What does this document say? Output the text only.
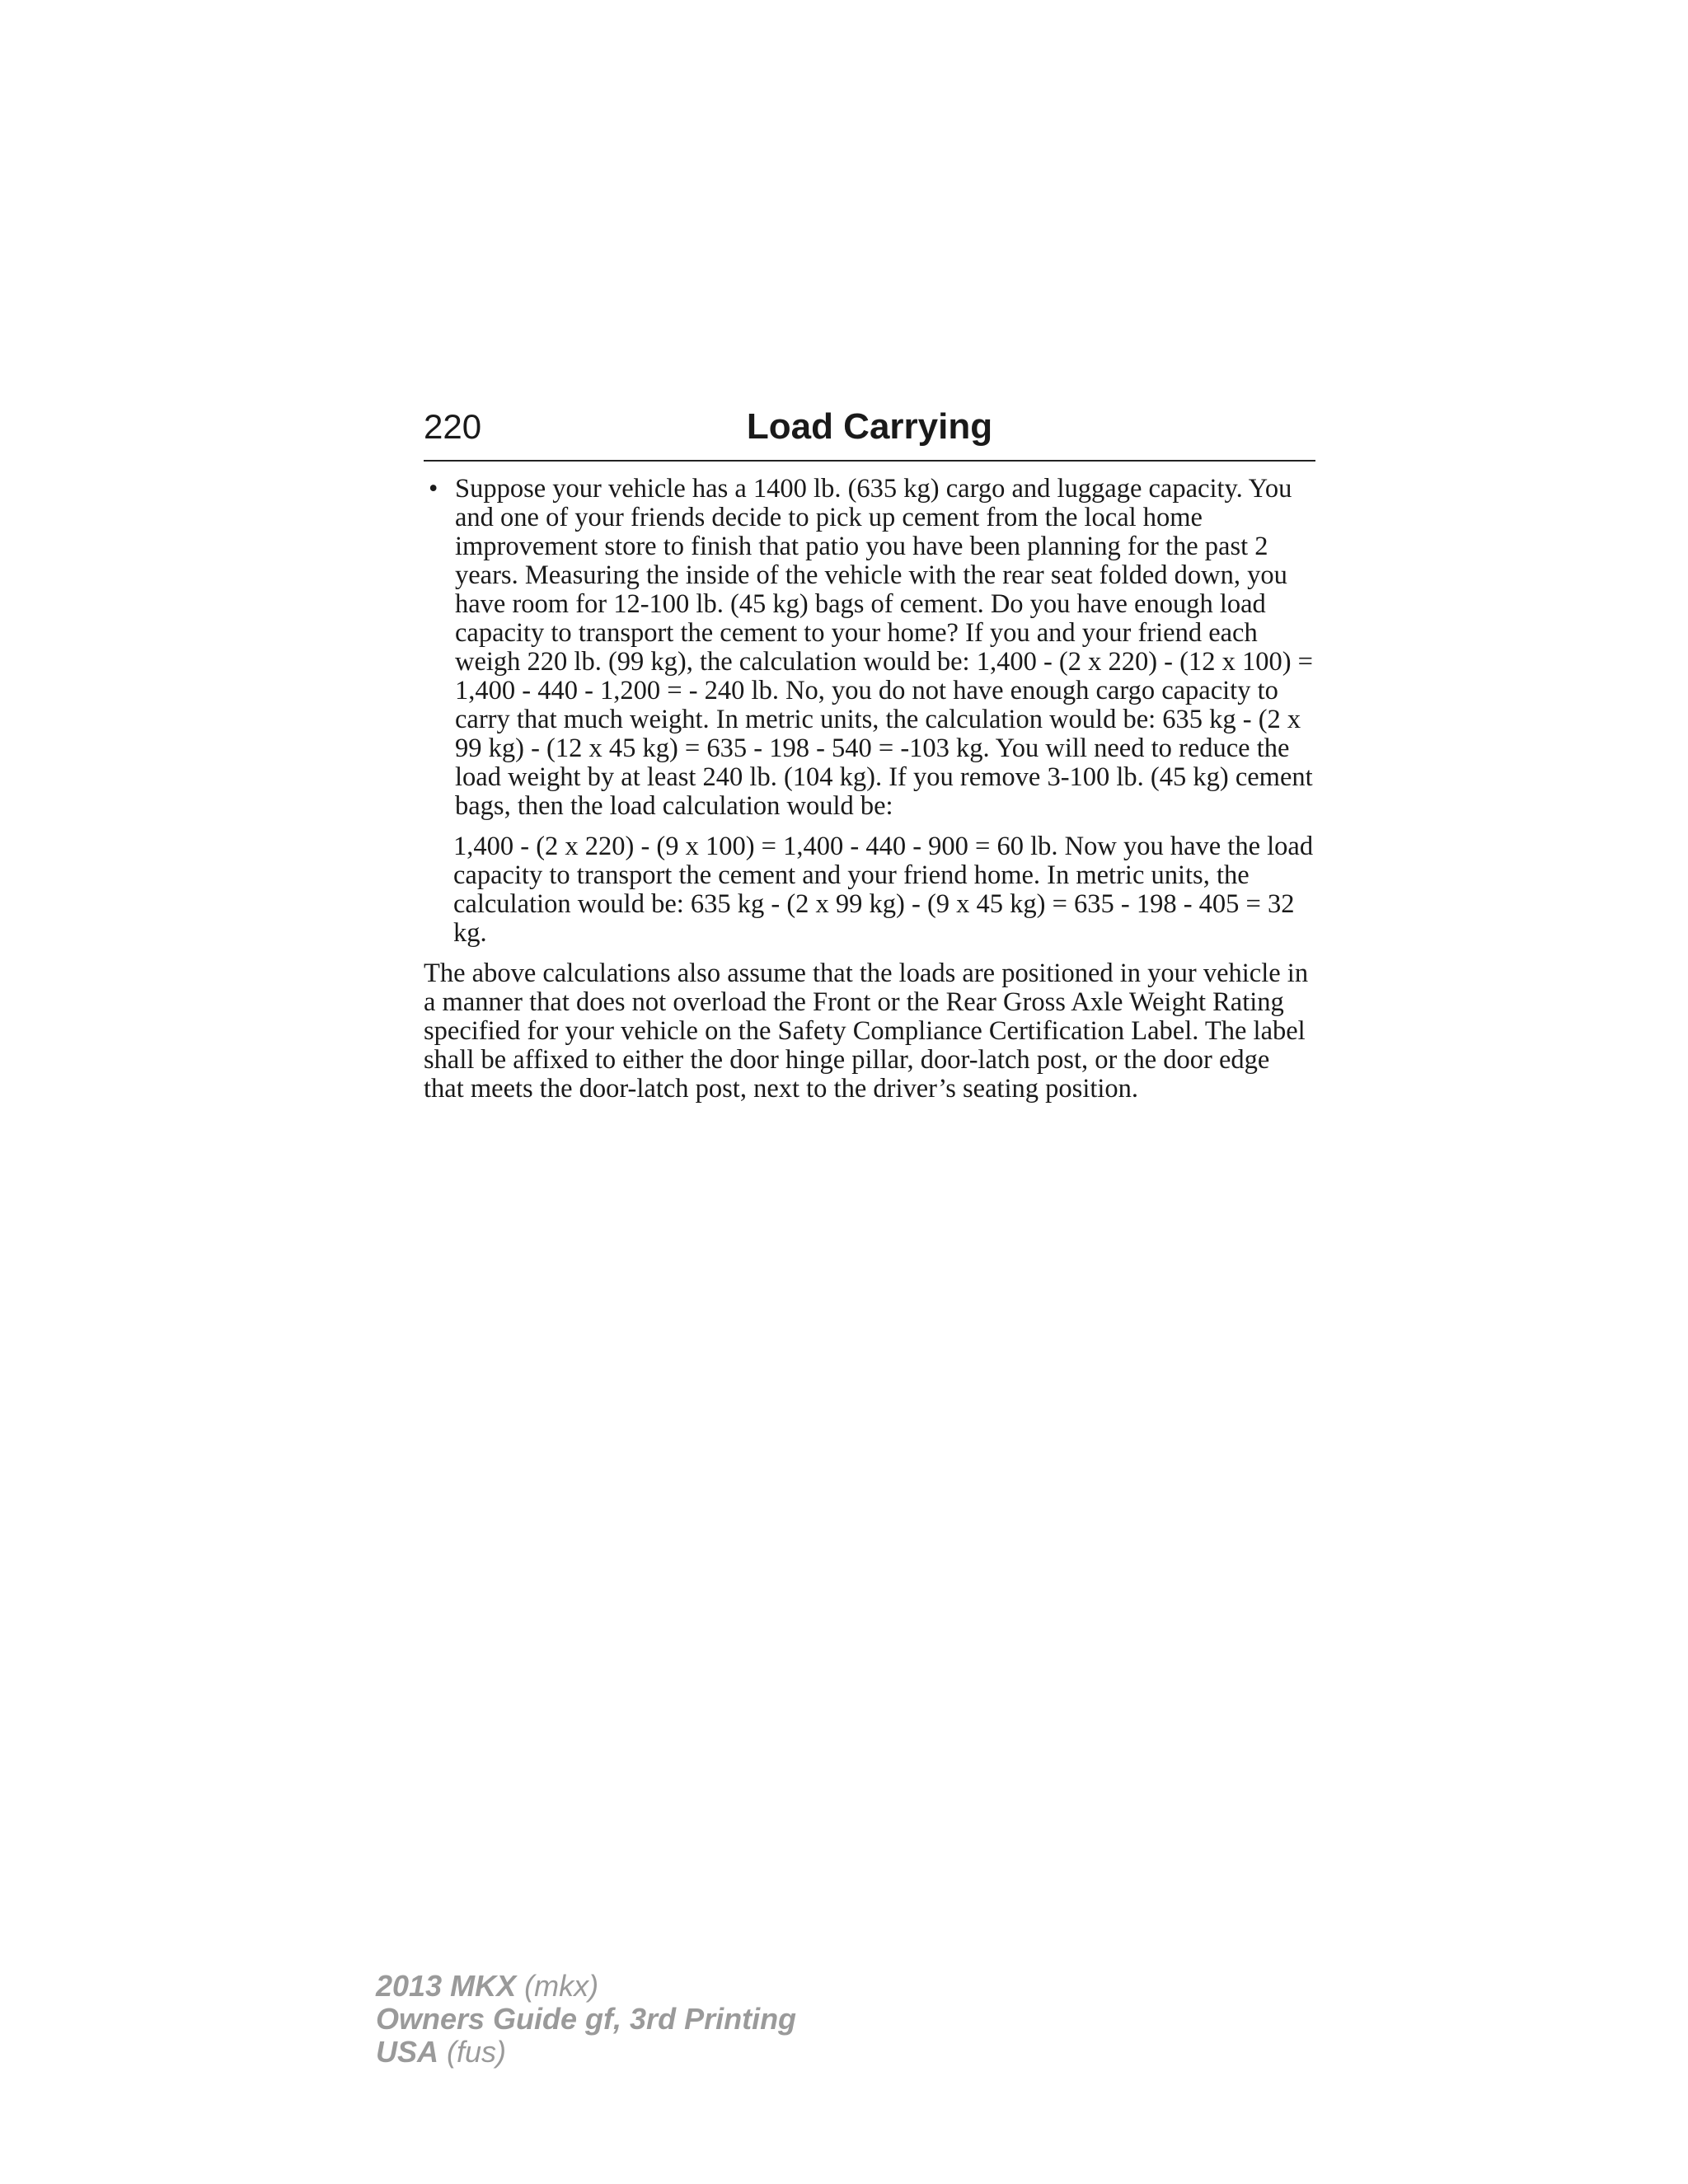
220	Load Carrying

• Suppose your vehicle has a 1400 lb. (635 kg) cargo and luggage capacity. You and one of your friends decide to pick up cement from the local home improvement store to finish that patio you have been planning for the past 2 years. Measuring the inside of the vehicle with the rear seat folded down, you have room for 12-100 lb. (45 kg) bags of cement. Do you have enough load capacity to transport the cement to your home? If you and your friend each weigh 220 lb. (99 kg), the calculation would be: 1,400 - (2 x 220) - (12 x 100) = 1,400 - 440 - 1,200 = - 240 lb. No, you do not have enough cargo capacity to carry that much weight. In metric units, the calculation would be: 635 kg - (2 x 99 kg) - (12 x 45 kg) = 635 - 198 - 540 = -103 kg. You will need to reduce the load weight by at least 240 lb. (104 kg). If you remove 3-100 lb. (45 kg) cement bags, then the load calculation would be:

1,400 - (2 x 220) - (9 x 100) = 1,400 - 440 - 900 = 60 lb. Now you have the load capacity to transport the cement and your friend home. In metric units, the calculation would be: 635 kg - (2 x 99 kg) - (9 x 45 kg) = 635 - 198 - 405 = 32 kg.

The above calculations also assume that the loads are positioned in your vehicle in a manner that does not overload the Front or the Rear Gross Axle Weight Rating specified for your vehicle on the Safety Compliance Certification Label. The label shall be affixed to either the door hinge pillar, door-latch post, or the door edge that meets the door-latch post, next to the driver’s seating position.

2013 MKX (mkx)
Owners Guide gf, 3rd Printing
USA (fus)
